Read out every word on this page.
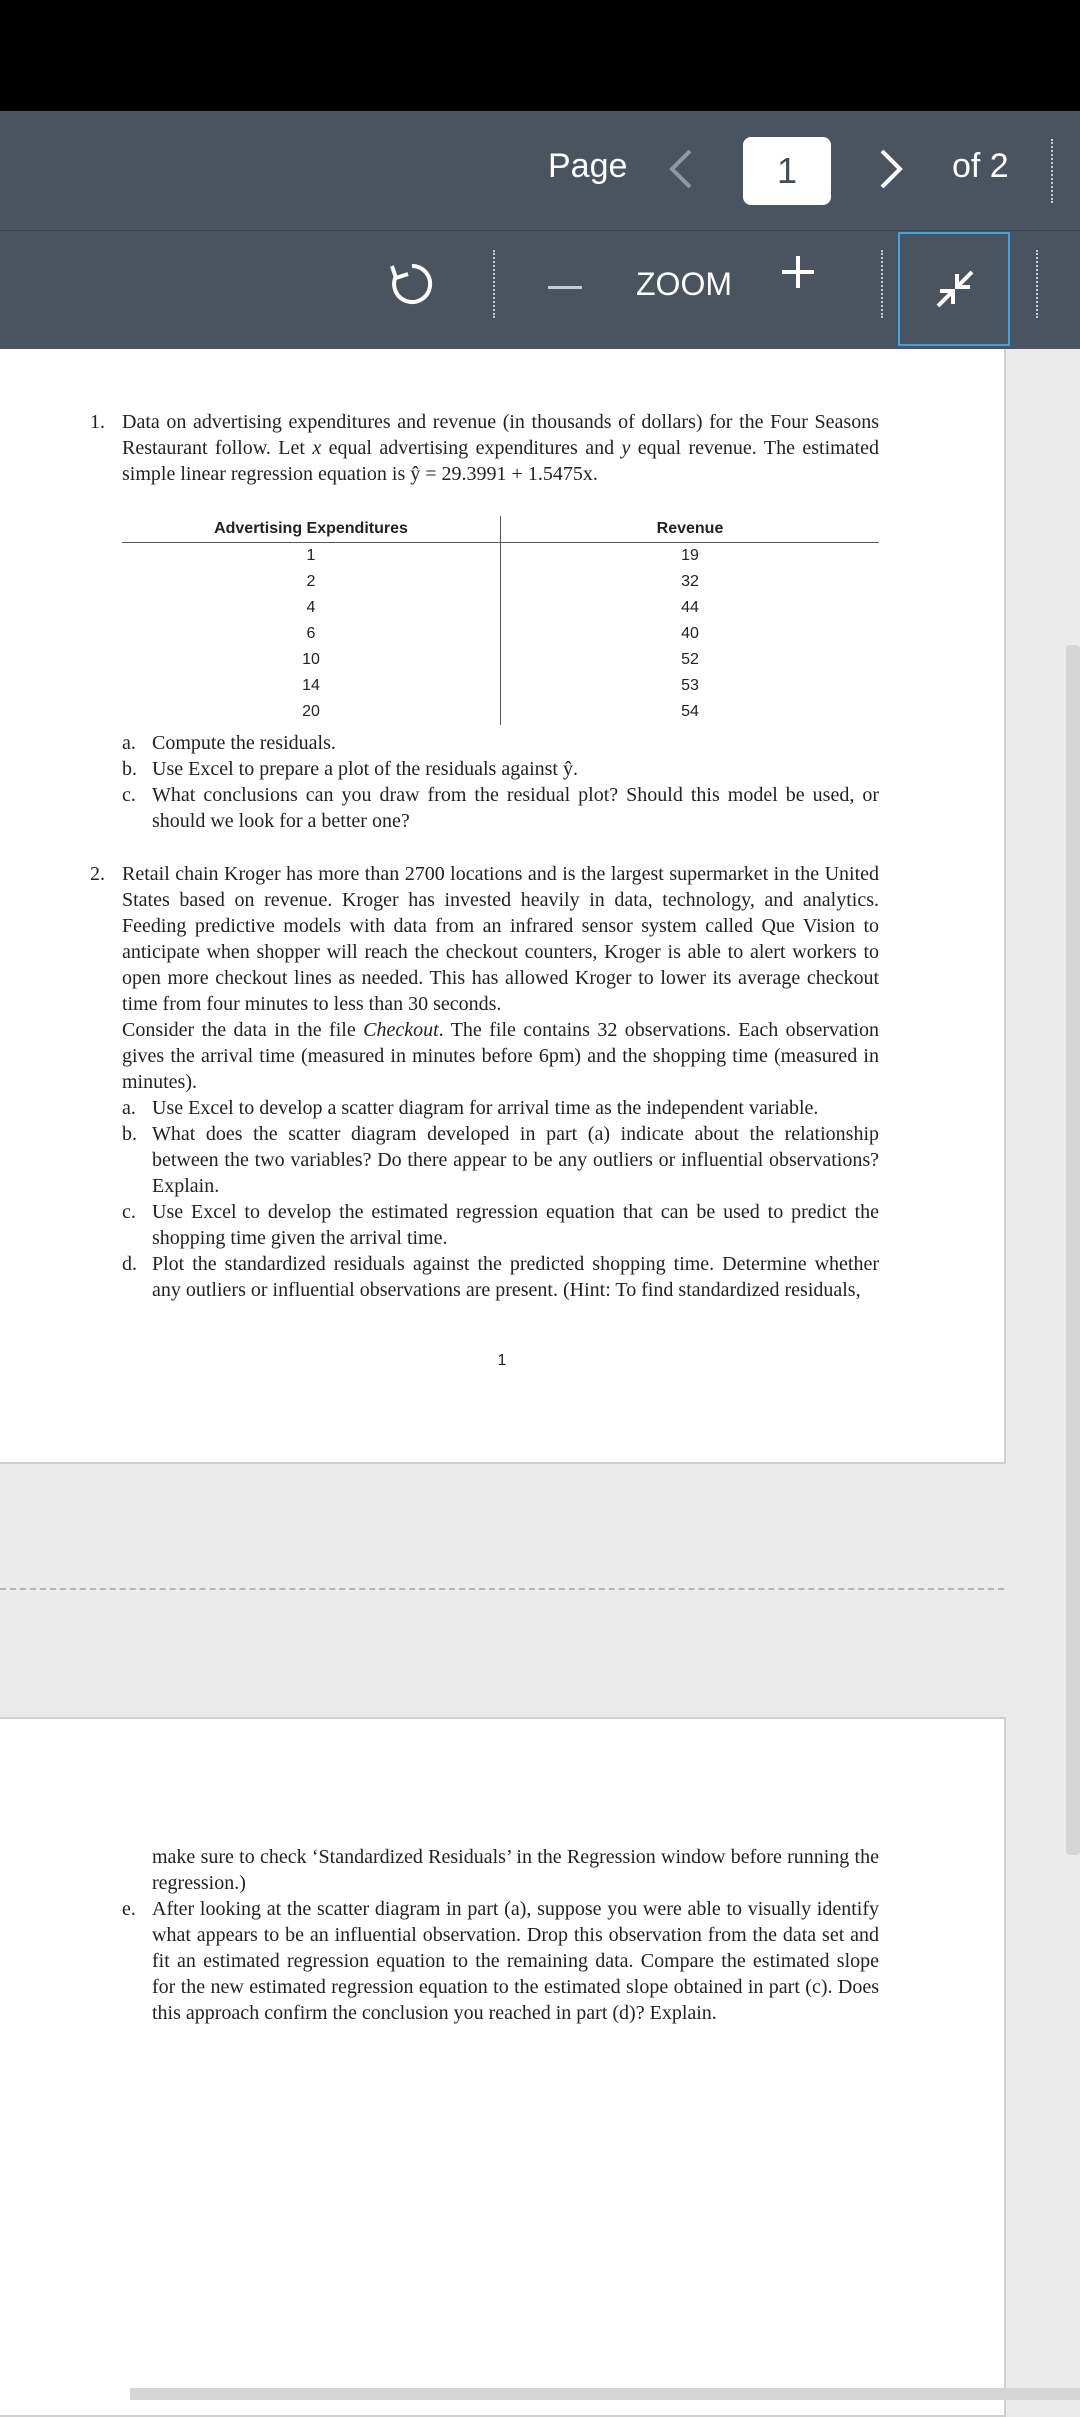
Page
1	of 2
ZOOM
1. Data on advertising expenditures and revenue (in thousands of dollars) for the Four Seasons Restaurant follow. Let x equal advertising expenditures and y equal revenue. The estimated simple linear regression equation is ŷ = 29.3991 + 1.5475x.
Advertising Expenditures	Revenue
1	19
2	32
4	44
6	40
10	52
14	53
20	54
a. Compute the residuals.
b. Use Excel to prepare a plot of the residuals against ŷ.
c. What conclusions can you draw from the residual plot? Should this model be used, or should we look for a better one?
2. Retail chain Kroger has more than 2700 locations and is the largest supermarket in the United States based on revenue. Kroger has invested heavily in data, technology, and analytics. Feeding predictive models with data from an infrared sensor system called Que Vision to anticipate when shopper will reach the checkout counters, Kroger is able to alert workers to open more checkout lines as needed. This has allowed Kroger to lower its average checkout time from four minutes to less than 30 seconds.
Consider the data in the file Checkout. The file contains 32 observations. Each observation gives the arrival time (measured in minutes before 6pm) and the shopping time (measured in minutes).
a. Use Excel to develop a scatter diagram for arrival time as the independent variable.
b. What does the scatter diagram developed in part (a) indicate about the relationship between the two variables? Do there appear to be any outliers or influential observations? Explain.
c. Use Excel to develop the estimated regression equation that can be used to predict the shopping time given the arrival time.
d. Plot the standardized residuals against the predicted shopping time. Determine whether any outliers or influential observations are present. (Hint: To find standardized residuals,
1
make sure to check ‘Standardized Residuals’ in the Regression window before running the regression.)
e. After looking at the scatter diagram in part (a), suppose you were able to visually identify what appears to be an influential observation. Drop this observation from the data set and fit an estimated regression equation to the remaining data. Compare the estimated slope for the new estimated regression equation to the estimated slope obtained in part (c). Does this approach confirm the conclusion you reached in part (d)? Explain.
